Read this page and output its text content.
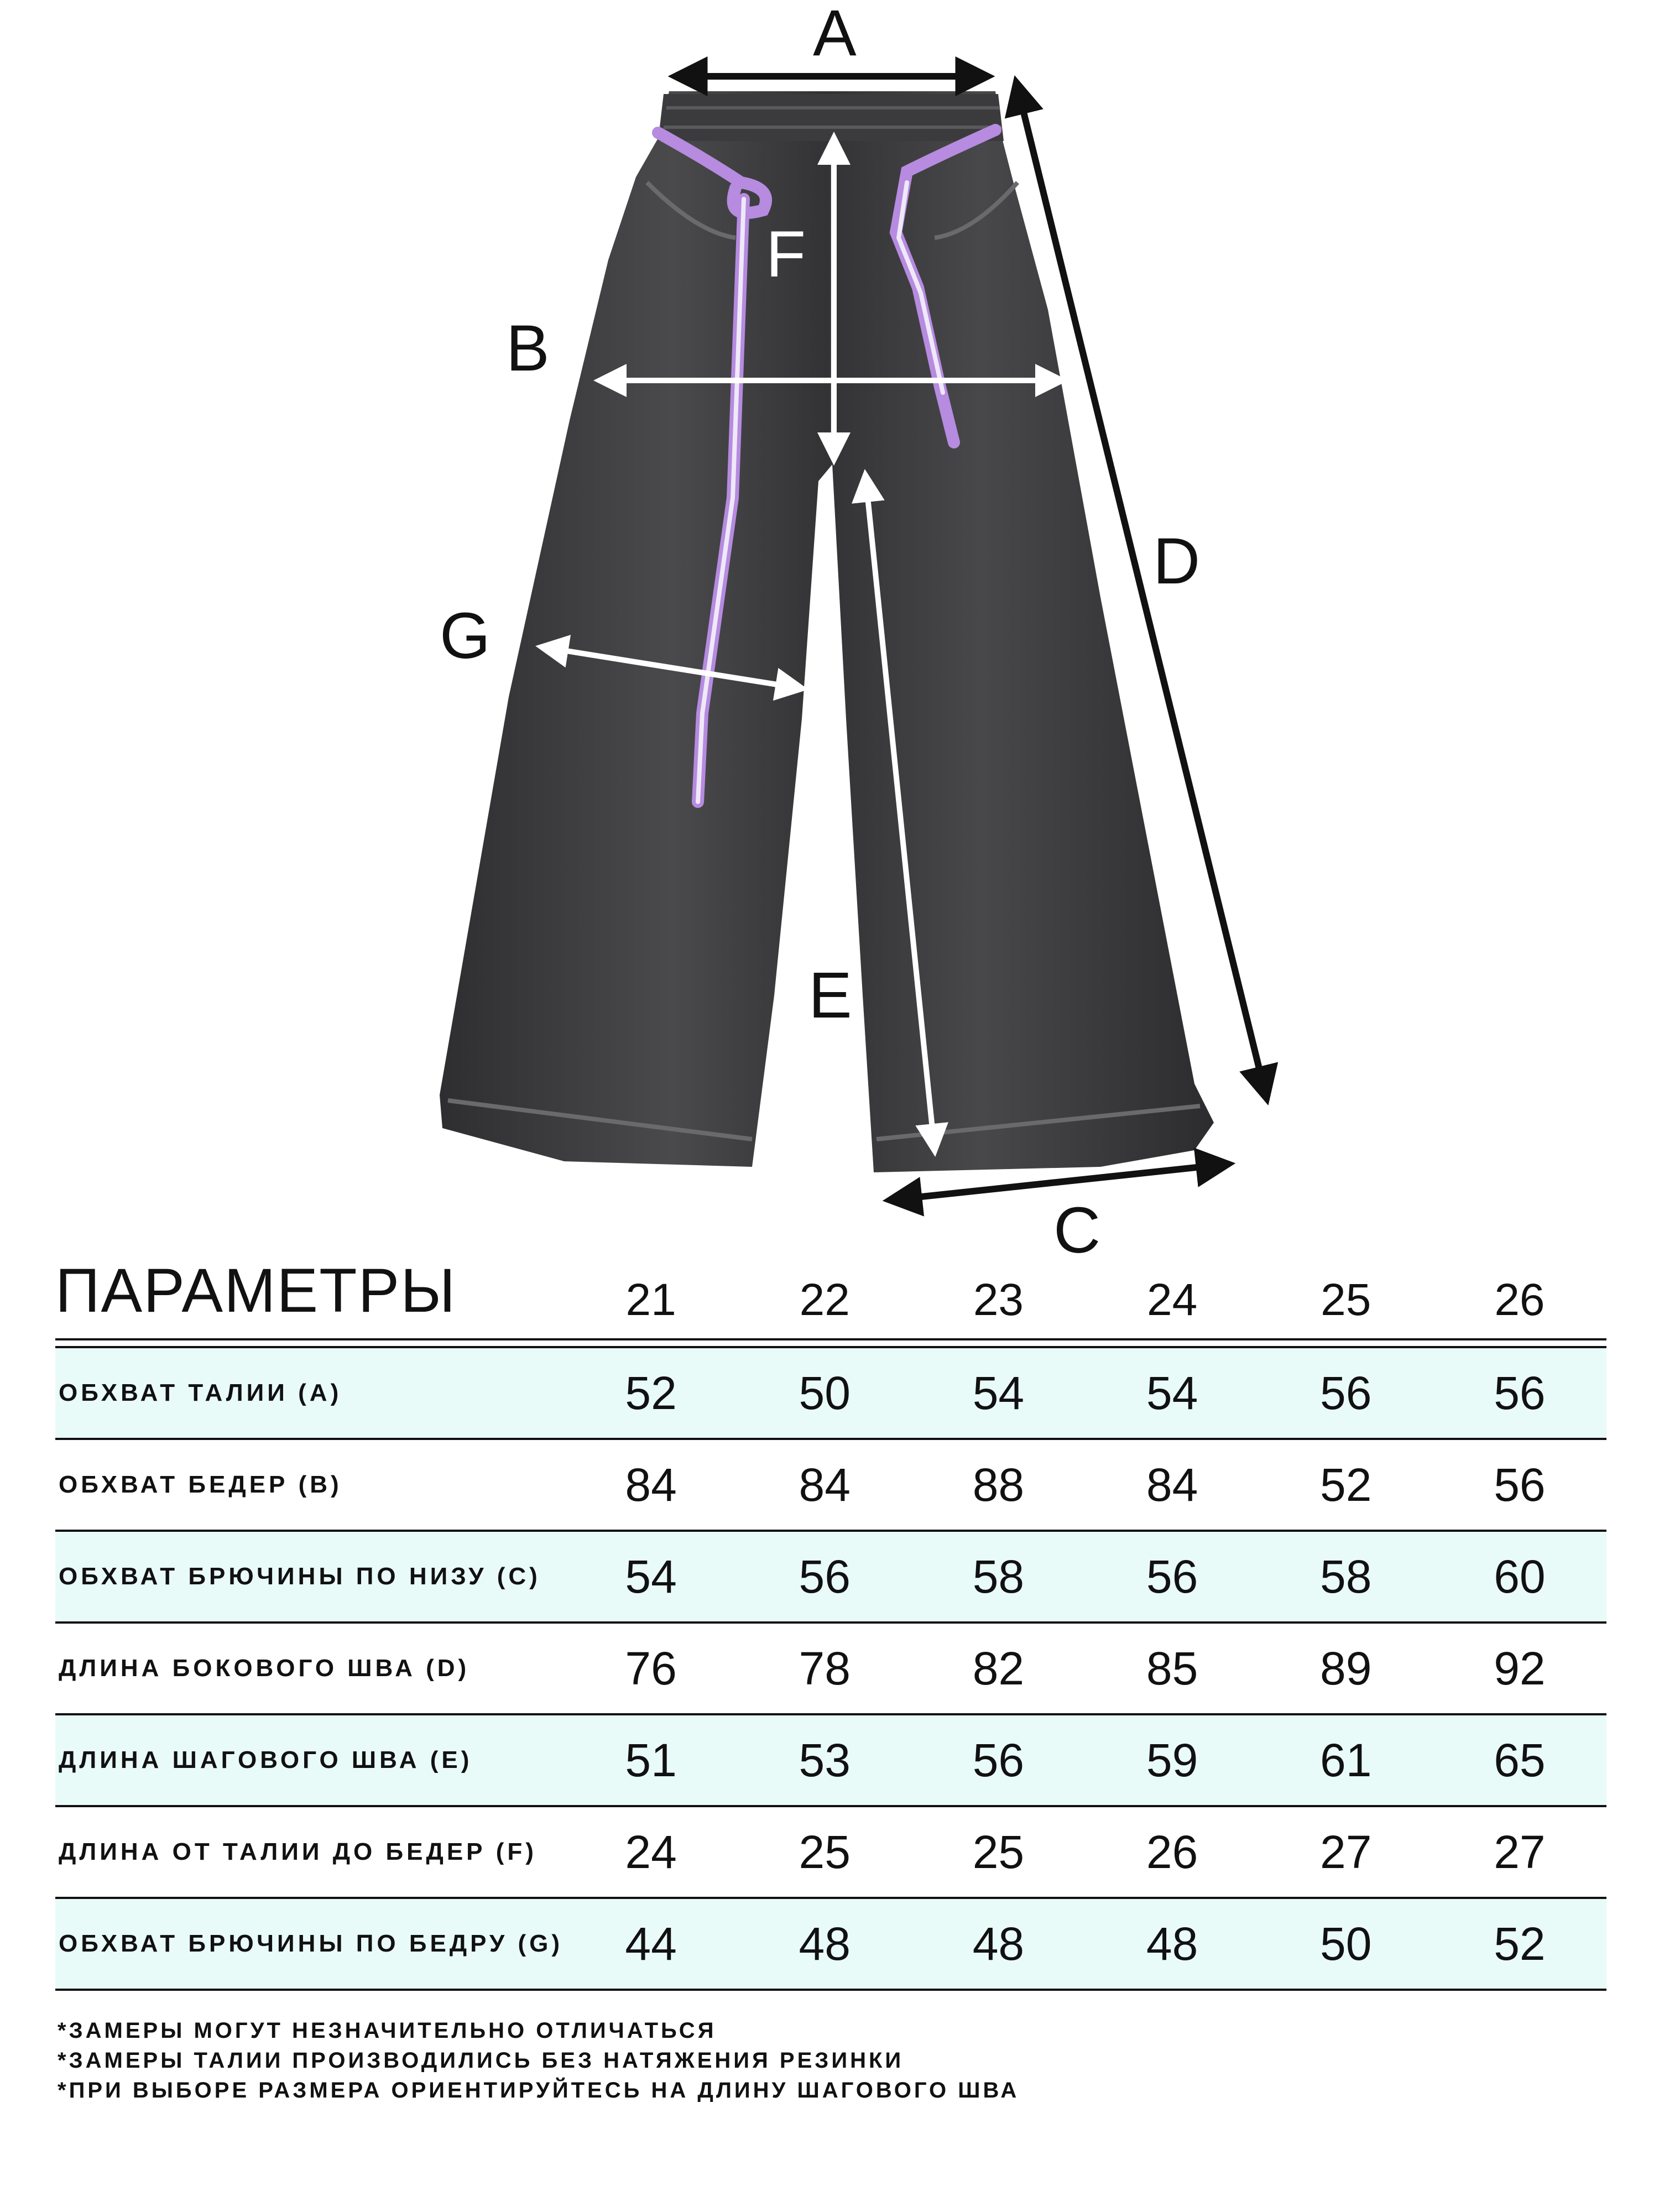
A
B
C
D
E
F
G
ПАРАМЕТРЫ	21	22	23	24	25	26
ОБХВАТ ТАЛИИ (A)	52	50	54	54	56	56
ОБХВАТ БЕДЕР (B)	84	84	88	84	52	56
ОБХВАТ БРЮЧИНЫ ПО НИЗУ (C)	54	56	58	56	58	60
ДЛИНА БОКОВОГО ШВА (D)	76	78	82	85	89	92
ДЛИНА ШАГОВОГО ШВА (E)	51	53	56	59	61	65
ДЛИНА ОТ ТАЛИИ ДО БЕДЕР (F)	24	25	25	26	27	27
ОБХВАТ БРЮЧИНЫ ПО БЕДРУ (G)	44	48	48	48	50	52
*ЗАМЕРЫ МОГУТ НЕЗНАЧИТЕЛЬНО ОТЛИЧАТЬСЯ
*ЗАМЕРЫ ТАЛИИ ПРОИЗВОДИЛИСЬ БЕЗ НАТЯЖЕНИЯ РЕЗИНКИ
*ПРИ ВЫБОРЕ РАЗМЕРА ОРИЕНТИРУЙТЕСЬ НА ДЛИНУ ШАГОВОГО ШВА
